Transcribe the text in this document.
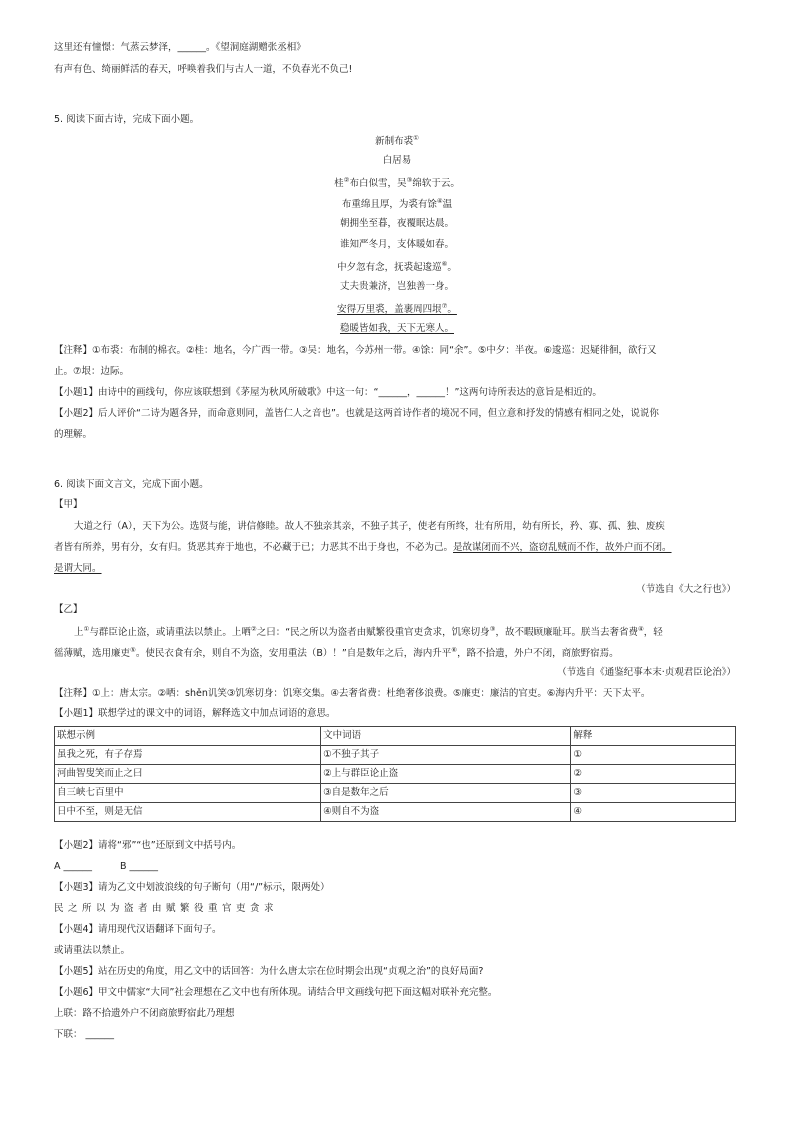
这里还有憧憬：气蒸云梦泽，______。《望洞庭湖赠张丞相》
有声有色、绮丽鲜活的春天，呼唤着我们与古人一道，不负春光不负己!
5. 阅读下面古诗，完成下面小题。
新制布裘①
白居易
桂②布白似雪，吴③绵软于云。
布重绵且厚，为裘有馀④温
朝拥坐至暮，夜覆眠达晨。
谁知严冬月，支体暖如春。
中夕忽有念，抚裘起逡巡⑥。
丈夫贵兼济，岂独善一身。
安得万里裘，盖裹周四垠⑦。
稳暖皆如我，天下无寒人。
【注释】①布裘：布制的棉衣。②桂：地名，今广西一带。③吴：地名，今苏州一带。④馀：同“余”。⑤中夕：半夜。⑥逡巡：迟疑徘徊，欲行又
止。⑦垠：边际。
【小题1】由诗中的画线句，你应该联想到《茅屋为秋风所破歌》中这一句：“______，______！”这两句诗所表达的意旨是相近的。
【小题2】后人评价“二诗为题各异，而命意则同，盖皆仁人之音也”。也就是这两首诗作者的境况不同，但立意和抒发的情感有相同之处，说说你
的理解。
6. 阅读下面文言文，完成下面小题。
【甲】
大道之行（A），天下为公。选贤与能，讲信修睦。故人不独亲其亲，不独子其子，使老有所终，壮有所用，幼有所长，矜、寡、孤、独、废疾
者皆有所养，男有分，女有归。货恶其弃于地也，不必藏于已；力恶其不出于身也，不必为己。是故谋闭而不兴，盗窃乱贼而不作，故外户而不闭。
是谓大同。
（节选自《大之行也》）
【乙】
上①与群臣论止盗，或请重法以禁止。上哂②之曰：“民之所以为盗者由赋繁役重官吏贪求，饥寒切身③，故不暇顾廉耻耳。朕当去奢省费④，轻
徭薄赋，选用廉吏⑤。使民衣食有余，则自不为盗，安用重法（B）！”自是数年之后，海内升平⑥，路不拾遗，外户不闭，商旅野宿焉。
（节选自《通鉴纪事本末·贞观君臣论治》）
【注释】①上：唐太宗。②哂：shěn讥笑③饥寒切身：饥寒交集。④去奢省费：杜绝奢侈浪费。⑤廉吏：廉洁的官吏。⑥海内升平：天下太平。
【小题1】联想学过的课文中的词语，解释选文中加点词语的意思。
联想示例	文中词语	解释
虽我之死，有子存焉	①不独子其子	①
河曲智叟笑而止之曰	②上与群臣论止盗	②
自三峡七百里中	③自是数年之后	③
日中不至，则是无信	④则自不为盗	④
【小题2】请将“邪”“也”还原到文中括号内。
A ______	B ______
【小题3】请为乙文中划波浪线的句子断句（用“/”标示，限两处）
民之所以为盗者由赋繁役重官吏贪求
【小题4】请用现代汉语翻译下面句子。
或请重法以禁止。
【小题5】站在历史的角度，用乙文中的话回答：为什么唐太宗在位时期会出现“贞观之治”的良好局面?
【小题6】甲文中儒家“大同”社会理想在乙文中也有所体现。请结合甲文画线句把下面这幅对联补充完整。
上联：路不拾遗外户不闭商旅野宿此乃理想
下联： ______
